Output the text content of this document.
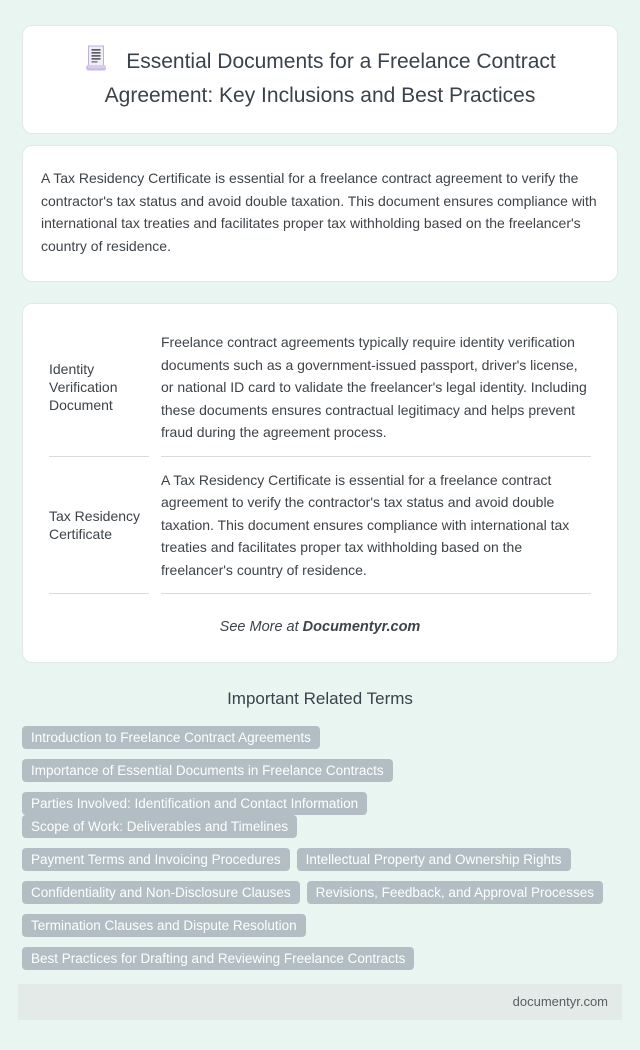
Essential Documents for a Freelance Contract Agreement: Key Inclusions and Best Practices

A Tax Residency Certificate is essential for a freelance contract agreement to verify the contractor's tax status and avoid double taxation. This document ensures compliance with international tax treaties and facilitates proper tax withholding based on the freelancer's country of residence.

Identity Verification Document	Freelance contract agreements typically require identity verification documents such as a government-issued passport, driver's license, or national ID card to validate the freelancer's legal identity. Including these documents ensures contractual legitimacy and helps prevent fraud during the agreement process.
Tax Residency Certificate	A Tax Residency Certificate is essential for a freelance contract agreement to verify the contractor's tax status and avoid double taxation. This document ensures compliance with international tax treaties and facilitates proper tax withholding based on the freelancer's country of residence.
See More at Documentyr.com
Important Related Terms
Introduction to Freelance Contract Agreements
Importance of Essential Documents in Freelance Contracts
Parties Involved: Identification and Contact InformationScope of Work: Deliverables and Timelines
Payment Terms and Invoicing Procedures Intellectual Property and Ownership Rights
Confidentiality and Non-Disclosure Clauses Revisions, Feedback, and Approval Processes
Termination Clauses and Dispute Resolution
Best Practices for Drafting and Reviewing Freelance Contracts
documentyr.com
